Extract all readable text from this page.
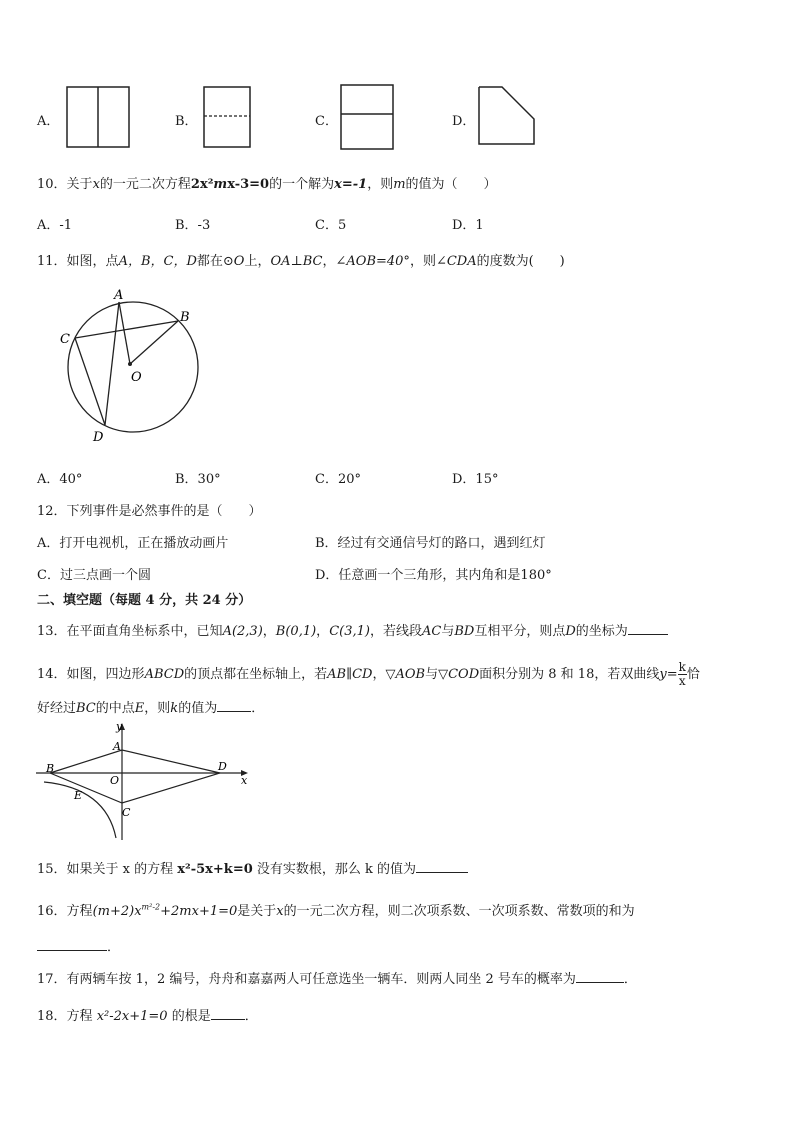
A．	B．	C．	D．
10．关于x的一元二次方程2x²mx-3=0的一个解为x=-1，则m的值为（　　）
A．-1	B．-3	C．5	D．1
11．如图，点A，B，C，D都在⊙O上，OA⊥BC，∠AOB=40°，则∠CDA的度数为(　　)
A
B
C
O
D
A．40°	B．30°	C．20°	D．15°
12．下列事件是必然事件的是（　　）
A．打开电视机，正在播放动画片	B．经过有交通信号灯的路口，遇到红灯
C．过三点画一个圆	D．任意画一个三角形，其内角和是180°
二、填空题（每题 4 分，共 24 分）
13．在平面直角坐标系中，已知A(2,3)，B(0,1)，C(3,1)，若线段AC与BD互相平分，则点D的坐标为
14．如图，四边形ABCD的顶点都在坐标轴上，若AB∥CD，▽AOB与▽COD面积分别为 8 和 18，若双曲线$y= \frac{k}{x}$ 恰
好经过BC的中点E，则k的值为	．
y
A
B
O
D
x
E
C
15．如果关于 x 的方程 x²-5x+k=0 没有实数根，那么 k 的值为
16．方程$(m+2)x^{m^2-2}+2mx+1=0$是关于x的一元二次方程，则二次项系数、一次项系数、常数项的和为
．
17．有两辆车按 1，2 编号，舟舟和嘉嘉两人可任意选坐一辆车．则两人同坐 2 号车的概率为	．
18．方程 x²-2x+1=0 的根是	．
